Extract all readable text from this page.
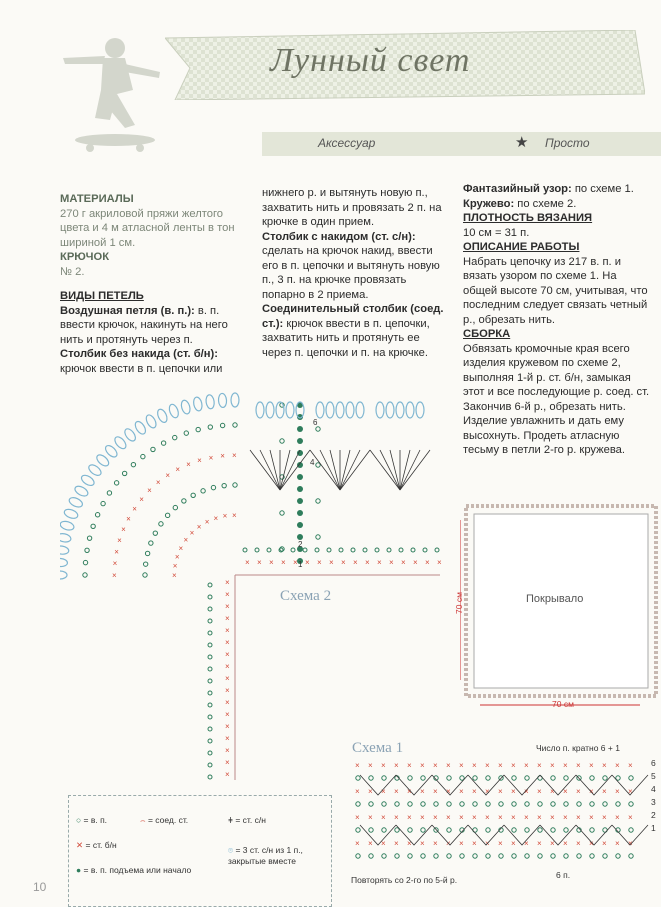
Лунный свет
Аксессуар	★ Просто

МАТЕРИАЛЫ

270 г акриловой пряжи желтого цвета и 4 м атласной ленты в тон шириной 1 см.

КРЮЧОК

№ 2.

ВИДЫ ПЕТЕЛЬ

Воздушная петля (в. п.): в. п. ввести крючок, накинуть на него нить и протянуть через п.

Столбик без накида (ст. б/н): крючок ввести в п. цепочки или

нижнего р. и вытянуть новую п., захватить нить и провязать 2 п. на крючке в один прием.

Столбик с накидом (ст. с/н): сделать на крючок накид, ввести его в п. цепочки и вытянуть новую п., 3 п. на крючке провязать попарно в 2 приема.

Соединительный столбик (соед. ст.): крючок ввести в п. цепочки, захватить нить и протянуть ее через п. цепочки и п. на крючке.

Фантазийный узор: по схеме 1.

Кружево: по схеме 2.

ПЛОТНОСТЬ ВЯЗАНИЯ

10 см = 31 п.

ОПИСАНИЕ РАБОТЫ

Набрать цепочку из 217 в. п. и вязать узором по схеме 1. На общей высоте 70 см, учитывая, что последним следует связать четный р., обрезать нить.

СБОРКА

Обвязать кромочные края всего изделия кружевом по схеме 2, выполняя 1-й р. ст. б/н, замыкая этот и все последующие р. соед. ст. Закончив 6-й р., обрезать нить. Изделие увлажнить и дать ему высохнуть. Продеть атласную тесьму в петли 2-го р. кружева.

×
×
×
×
×
×
×
× × × ×
×
×
×
×
×
×
×
×
×
×
×
×
× × × × ×
× × × × × × × × × × × × × × × × ×
×
×
×
×
×
×
×
×
×
×
×
×
×
×
×
×
×
Схема 2
6
4
2
1
Покрывало
70 см
70 см
Схема 1	Число п. кратно 6 + 1
× × × × × × × × × × × × × × × × × × × × × ×
× × × × × × × × × × × × × × × × × × × × × ×
× × × × × × × × × × × × × × × × × × × × × ×
× × × × × × × × × × × × × × × × × × × × × ×
Повторять со 2-го по 5-й р.	6 п.
6
5
4
3
2
1
○ = в. п.	⌢ = соед. ст.	ǂ = ст. с/н
✕ = ст. б/н	⌾ = 3 ст. с/н из 1 п., закрытые вместе
● = в. п. подъема или начало
10
